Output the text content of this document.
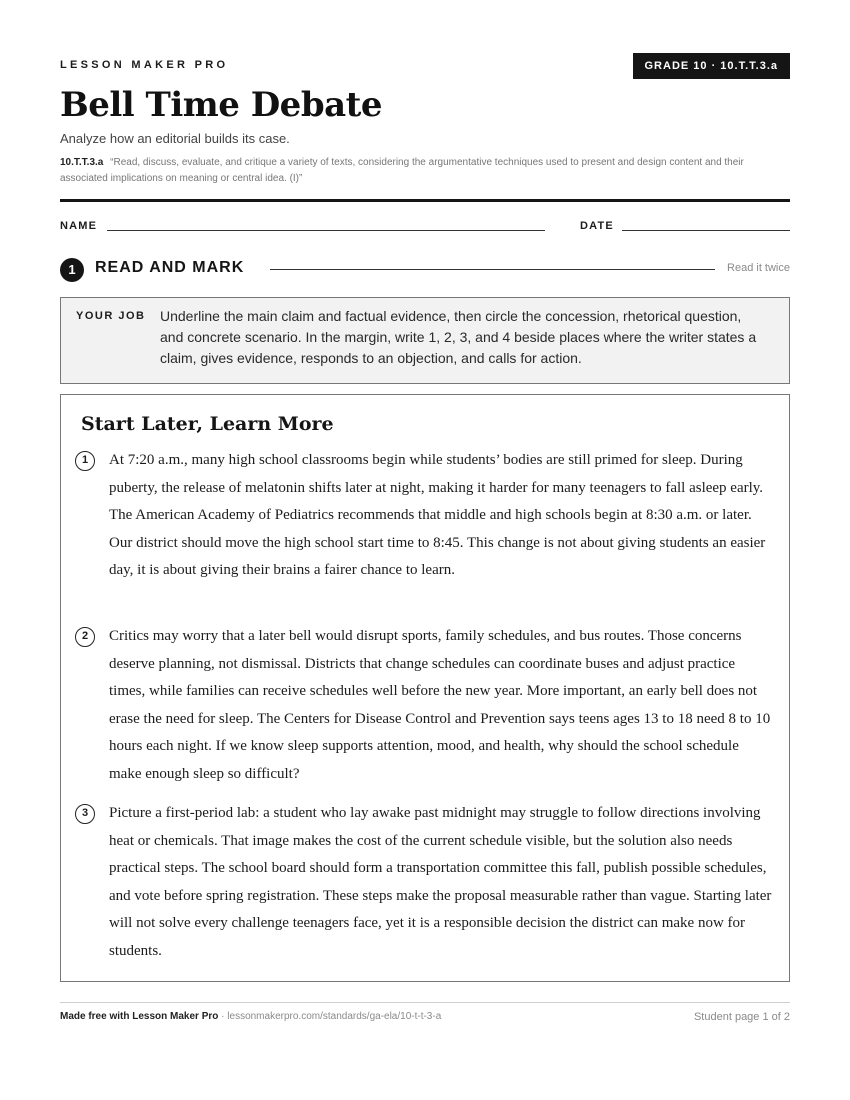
LESSON MAKER PRO	GRADE 10 · 10.T.T.3.a
Bell Time Debate
Analyze how an editorial builds its case.
10.T.T.3.a “Read, discuss, evaluate, and critique a variety of texts, considering the argumentative techniques used to present and design content and their associated implications on meaning or central idea. (I)”
NAME	DATE
1	READ AND MARK	Read it twice
YOUR JOB Underline the main claim and factual evidence, then circle the concession, rhetorical question, and concrete scenario. In the margin, write 1, 2, 3, and 4 beside places where the writer states a claim, gives evidence, responds to an objection, and calls for action.
Start Later, Learn More
1	At 7:20 a.m., many high school classrooms begin while students’ bodies are still primed for sleep. During puberty, the release of melatonin shifts later at night, making it harder for many teenagers to fall asleep early. The American Academy of Pediatrics recommends that middle and high schools begin at 8:30 a.m. or later. Our district should move the high school start time to 8:45. This change is not about giving students an easier day, it is about giving their brains a fairer chance to learn.
2	Critics may worry that a later bell would disrupt sports, family schedules, and bus routes. Those concerns deserve planning, not dismissal. Districts that change schedules can coordinate buses and adjust practice times, while families can receive schedules well before the new year. More important, an early bell does not erase the need for sleep. The Centers for Disease Control and Prevention says teens ages 13 to 18 need 8 to 10 hours each night. If we know sleep supports attention, mood, and health, why should the school schedule make enough sleep so difficult?
3	Picture a first-period lab: a student who lay awake past midnight may struggle to follow directions involving heat or chemicals. That image makes the cost of the current schedule visible, but the solution also needs practical steps. The school board should form a transportation committee this fall, publish possible schedules, and vote before spring registration. These steps make the proposal measurable rather than vague. Starting later will not solve every challenge teenagers face, yet it is a responsible decision the district can make now for students.
Made free with Lesson Maker Pro · lessonmakerpro.com/standards/ga-ela/10-t-t-3-a	Student page 1 of 2
